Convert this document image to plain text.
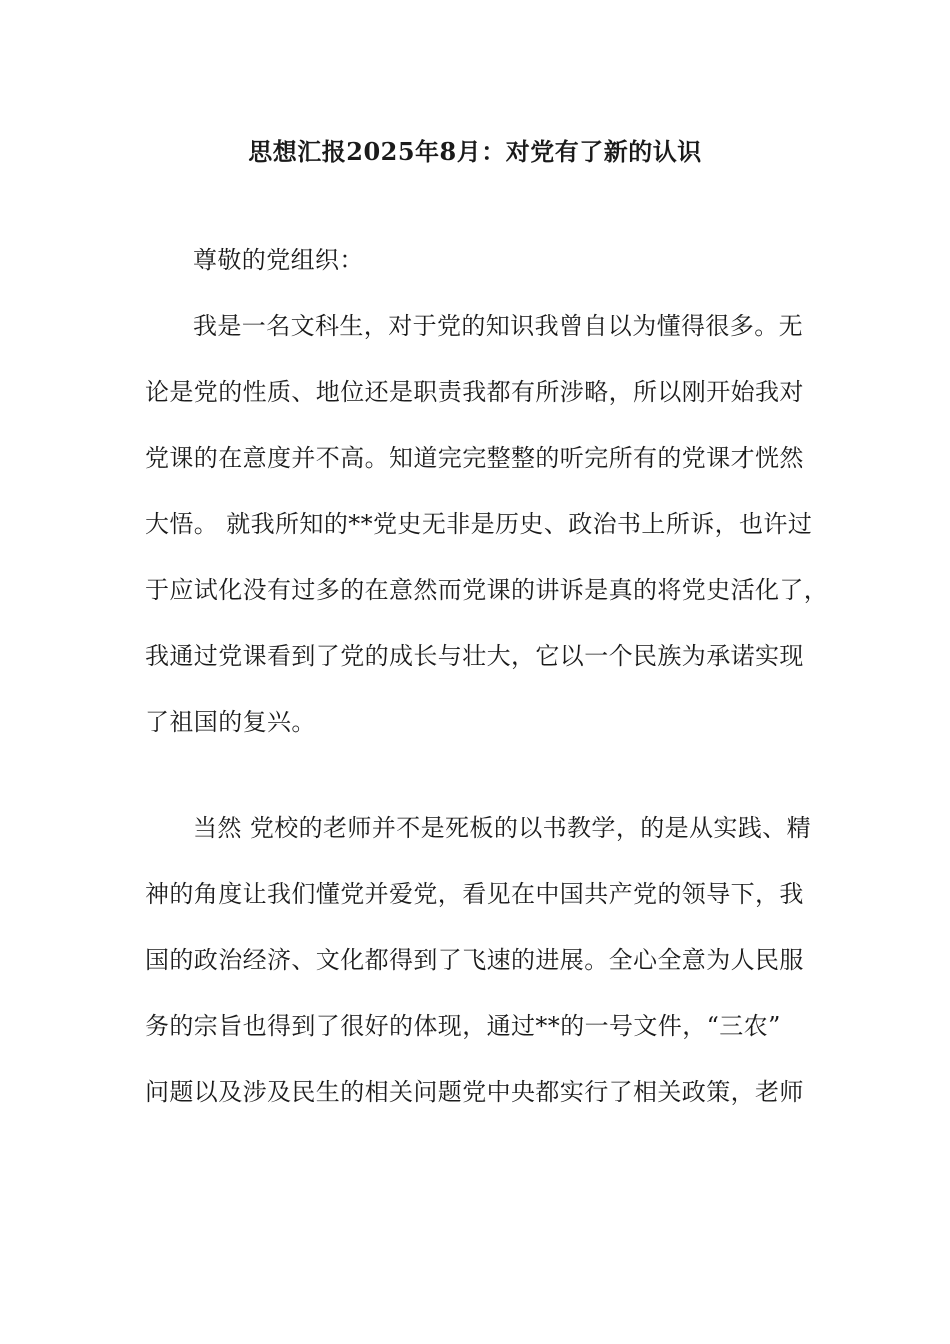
思想汇报2025年8月：对党有了新的认识
尊敬的党组织：
我是一名文科生，对于党的知识我曾自以为懂得很多。无
论是党的性质、地位还是职责我都有所涉略，所以刚开始我对
党课的在意度并不高。知道完完整整的听完所有的党课才恍然
大悟。 就我所知的**党史无非是历史、政治书上所诉，也许过
于应试化没有过多的在意然而党课的讲诉是真的将党史活化了，
我通过党课看到了党的成长与壮大，它以一个民族为承诺实现
了祖国的复兴。
当然 党校的老师并不是死板的以书教学，的是从实践、精
神的角度让我们懂党并爱党，看见在中国共产党的领导下，我
国的政治经济、文化都得到了飞速的进展。全心全意为人民服
务的宗旨也得到了很好的体现，通过**的一号文件，“三农”
问题以及涉及民生的相关问题党中央都实行了相关政策，老师
